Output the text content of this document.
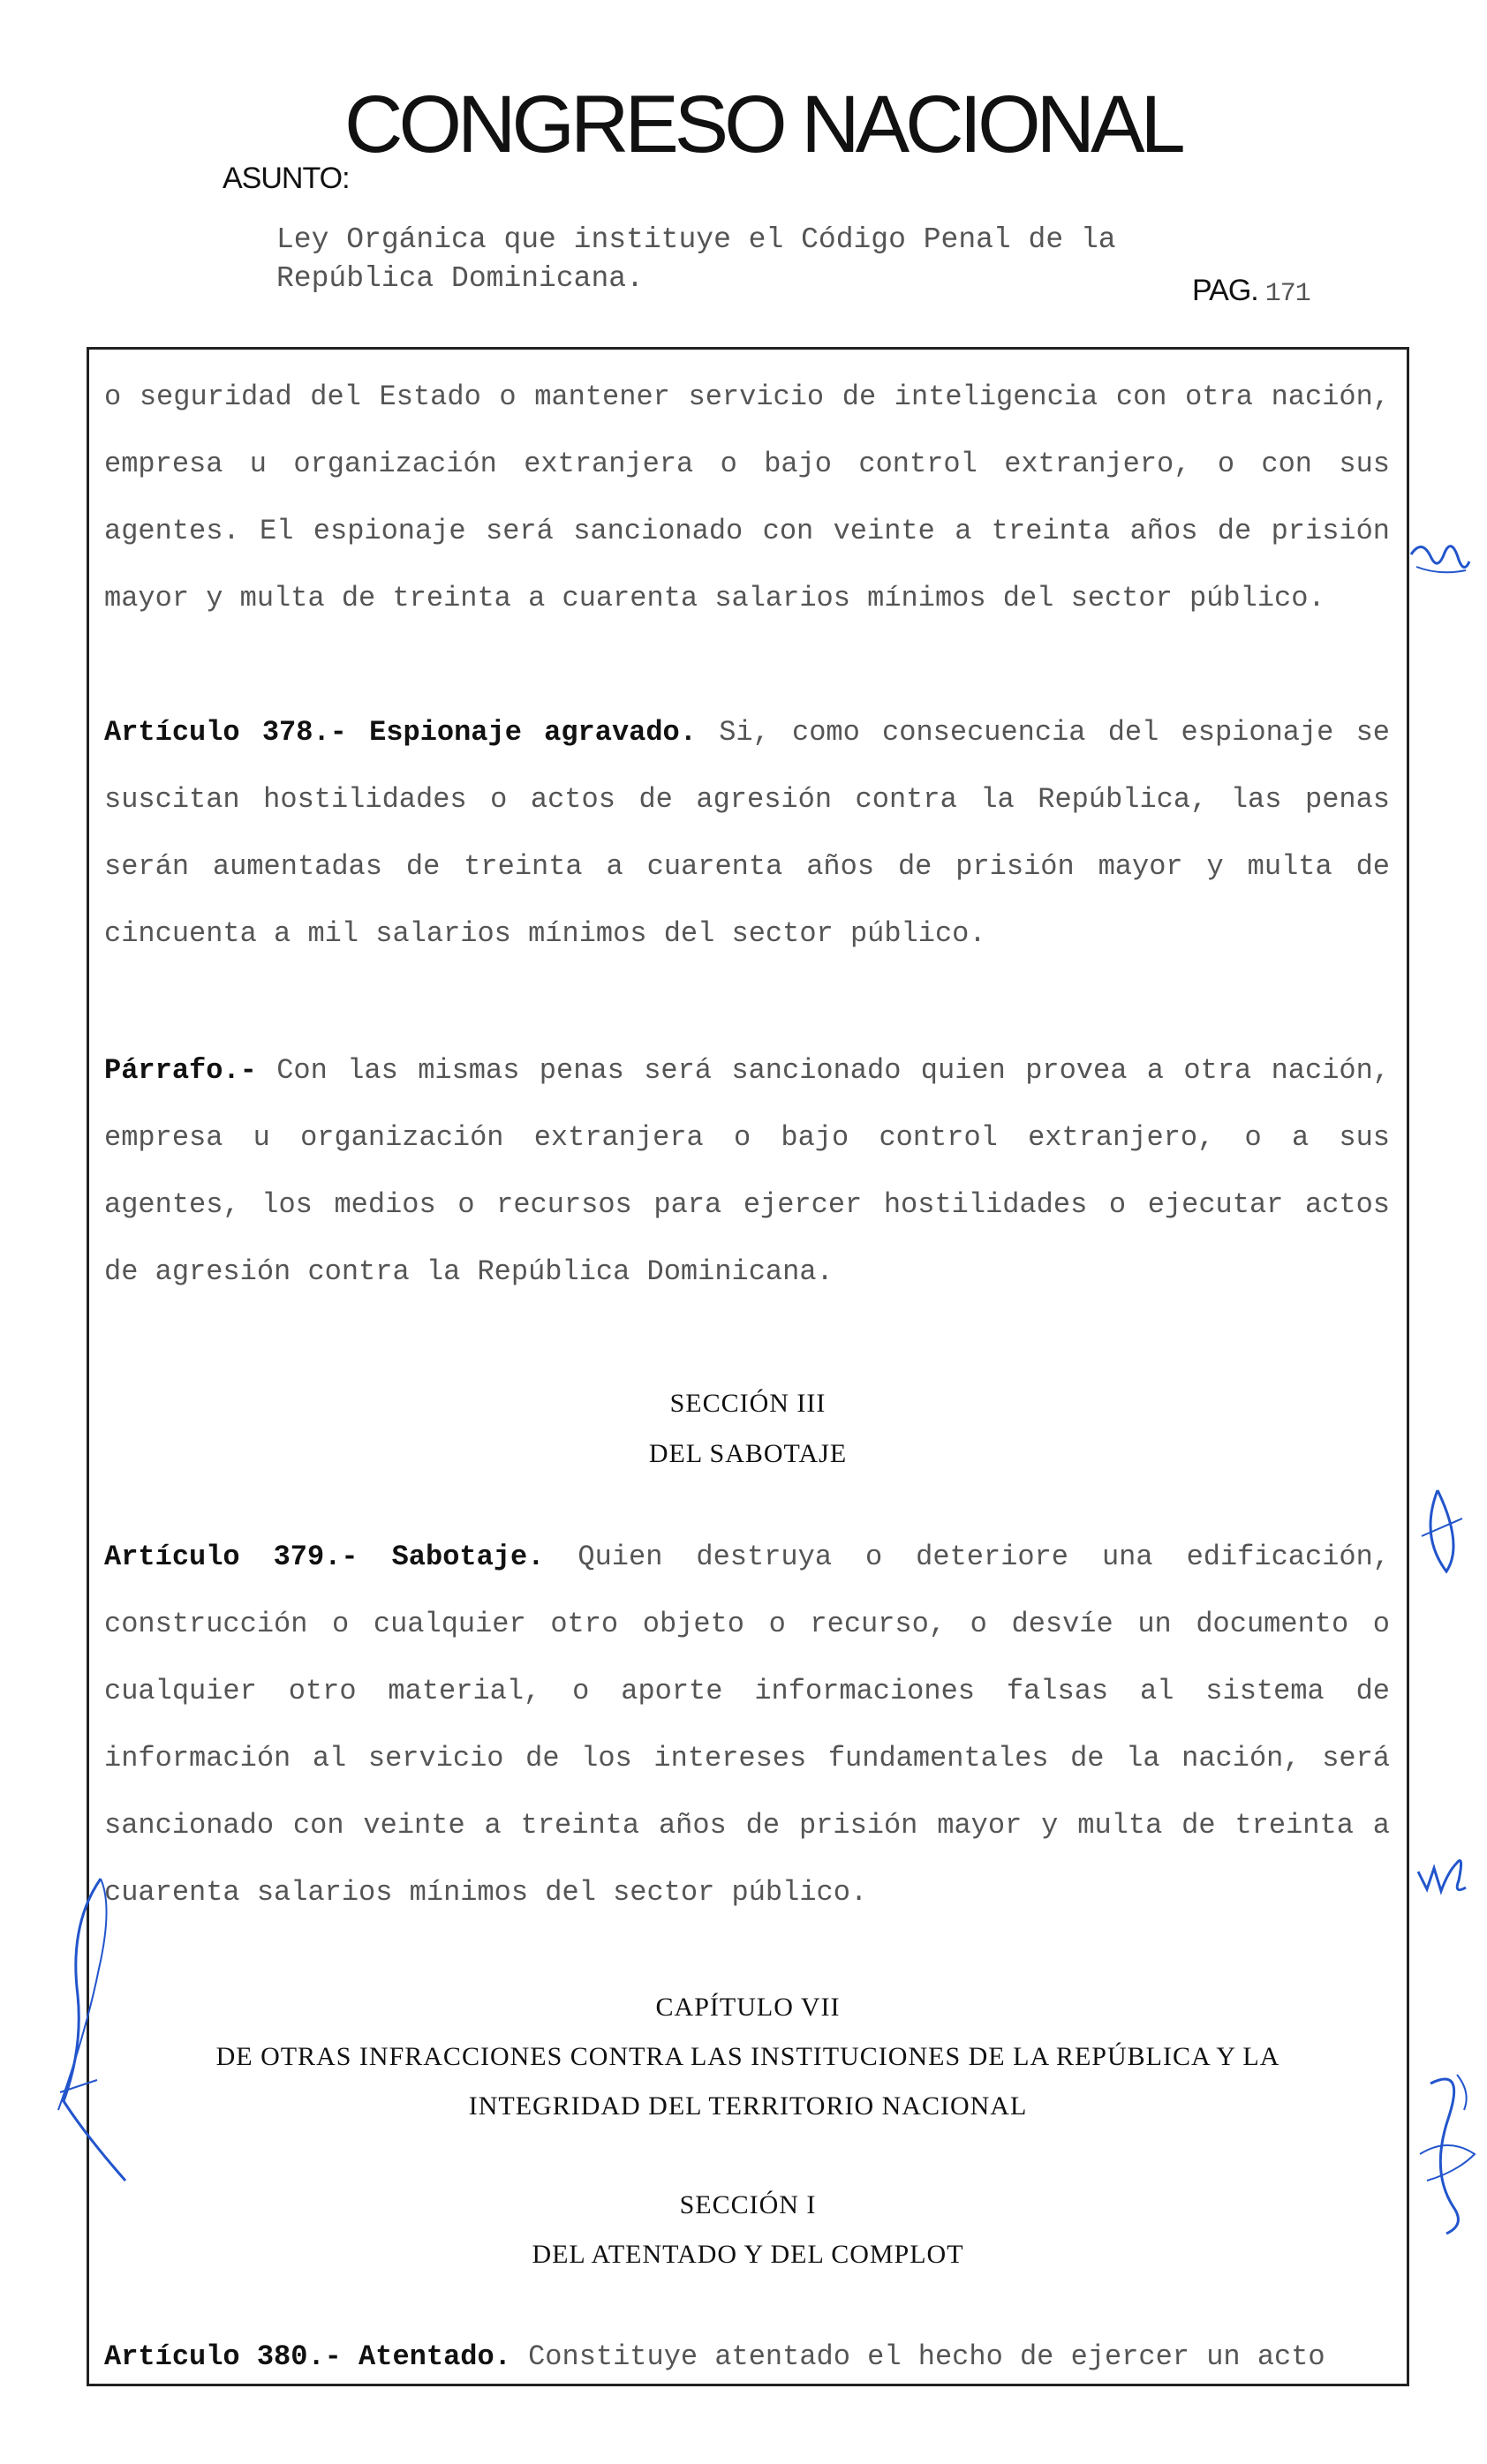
CONGRESO NACIONAL
ASUNTO:
Ley Orgánica que instituye el Código Penal de la
República Dominicana.	PAG. 171

o seguridad del Estado o mantener servicio de inteligencia con otra nación, empresa u organización extranjera o bajo control extranjero, o con sus agentes. El espionaje será sancionado con veinte a treinta años de prisión mayor y multa de treinta a cuarenta salarios mínimos del sector público.

Artículo 378.- Espionaje agravado. Si, como consecuencia del espionaje se suscitan hostilidades o actos de agresión contra la República, las penas serán aumentadas de treinta a cuarenta años de prisión mayor y multa de cincuenta a mil salarios mínimos del sector público.

Párrafo.- Con las mismas penas será sancionado quien provea a otra nación, empresa u organización extranjera o bajo control extranjero, o a sus agentes, los medios o recursos para ejercer hostilidades o ejecutar actos de agresión contra la República Dominicana.

SECCIÓN III

DEL SABOTAJE

Artículo 379.- Sabotaje. Quien destruya o deteriore una edificación, construcción o cualquier otro objeto o recurso, o desvíe un documento o cualquier otro material, o aporte informaciones falsas al sistema de información al servicio de los intereses fundamentales de la nación, será sancionado con veinte a treinta años de prisión mayor y multa de treinta a cuarenta salarios mínimos del sector público.

CAPÍTULO VII

DE OTRAS INFRACCIONES CONTRA LAS INSTITUCIONES DE LA REPÚBLICA Y LA

INTEGRIDAD DEL TERRITORIO NACIONAL

SECCIÓN I

DEL ATENTADO Y DEL COMPLOT

Artículo 380.- Atentado. Constituye atentado el hecho de ejercer un acto
